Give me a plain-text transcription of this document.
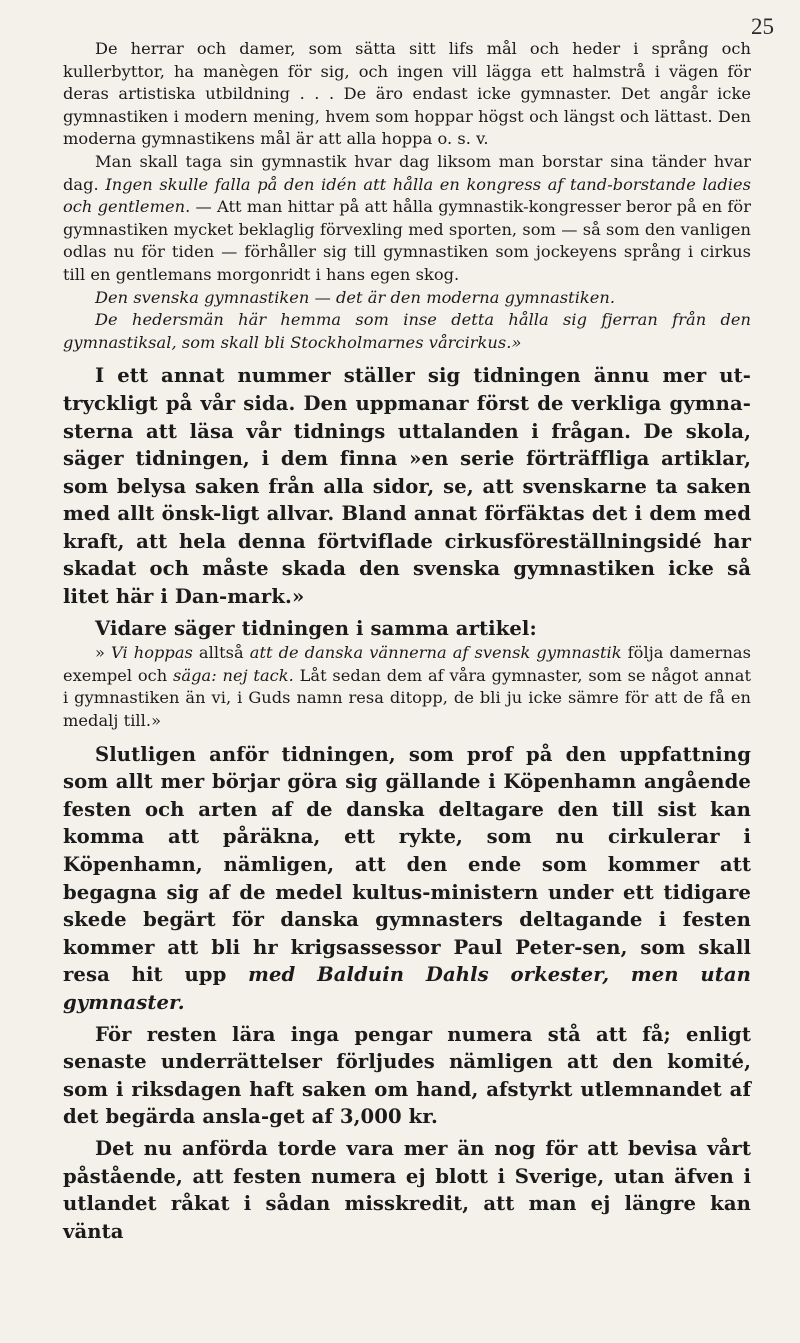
25

De herrar och damer, som sätta sitt lifs mål och heder i språng och kullerbyttor, ha manègen för sig, och ingen vill lägga ett halmstrå i vägen för deras artistiska utbildning . . . De äro endast icke gymnaster. Det angår icke gymnastiken i modern mening, hvem som hoppar högst och längst och lättast. Den moderna gymnastikens mål är att alla hoppa o. s. v.

Man skall taga sin gymnastik hvar dag liksom man borstar sina tänder hvar dag. Ingen skulle falla på den idén att hålla en kongress af tand-borstande ladies och gentlemen. — Att man hittar på att hålla gymnastik-kongresser beror på en för gymnastiken mycket beklaglig förvexling med sporten, som — så som den vanligen odlas nu för tiden — förhåller sig till gymnastiken som jockeyens språng i cirkus till en gentlemans morgonridt i hans egen skog.

Den svenska gymnastiken — det är den moderna gymnastiken.

De hedersmän här hemma som inse detta hålla sig fjerran från den gymnastiksal, som skall bli Stockholmarnes vårcirkus.»

I ett annat nummer ställer sig tidningen ännu mer ut-tryckligt på vår sida. Den uppmanar först de verkliga gymna-sterna att läsa vår tidnings uttalanden i frågan. De skola, säger tidningen, i dem finna »en serie förträffliga artiklar, som belysa saken från alla sidor, se, att svenskarne ta saken med allt önsk-ligt allvar. Bland annat förfäktas det i dem med kraft, att hela denna förtviflade cirkusföreställningsidé har skadat och måste skada den svenska gymnastiken icke så litet här i Dan-mark.»

Vidare säger tidningen i samma artikel:

» Vi hoppas alltså att de danska vännerna af svensk gymnastik följa damernas exempel och säga: nej tack. Låt sedan dem af våra gymnaster, som se något annat i gymnastiken än vi, i Guds namn resa ditopp, de bli ju icke sämre för att de få en medalj till.»

Slutligen anför tidningen, som prof på den uppfattning som allt mer börjar göra sig gällande i Köpenhamn angående festen och arten af de danska deltagare den till sist kan komma att påräkna, ett rykte, som nu cirkulerar i Köpenhamn, nämligen, att den ende som kommer att begagna sig af de medel kultus-ministern under ett tidigare skede begärt för danska gymnasters deltagande i festen kommer att bli hr krigsassessor Paul Peter-sen, som skall resa hit upp med Balduin Dahls orkester, men utan gymnaster.

För resten lära inga pengar numera stå att få; enligt senaste underrättelser förljudes nämligen att den komité, som i riksdagen haft saken om hand, afstyrkt utlemnandet af det begärda ansla-get af 3,000 kr.

Det nu anförda torde vara mer än nog för att bevisa vårt påstående, att festen numera ej blott i Sverige, utan äfven i utlandet råkat i sådan misskredit, att man ej längre kan vänta
